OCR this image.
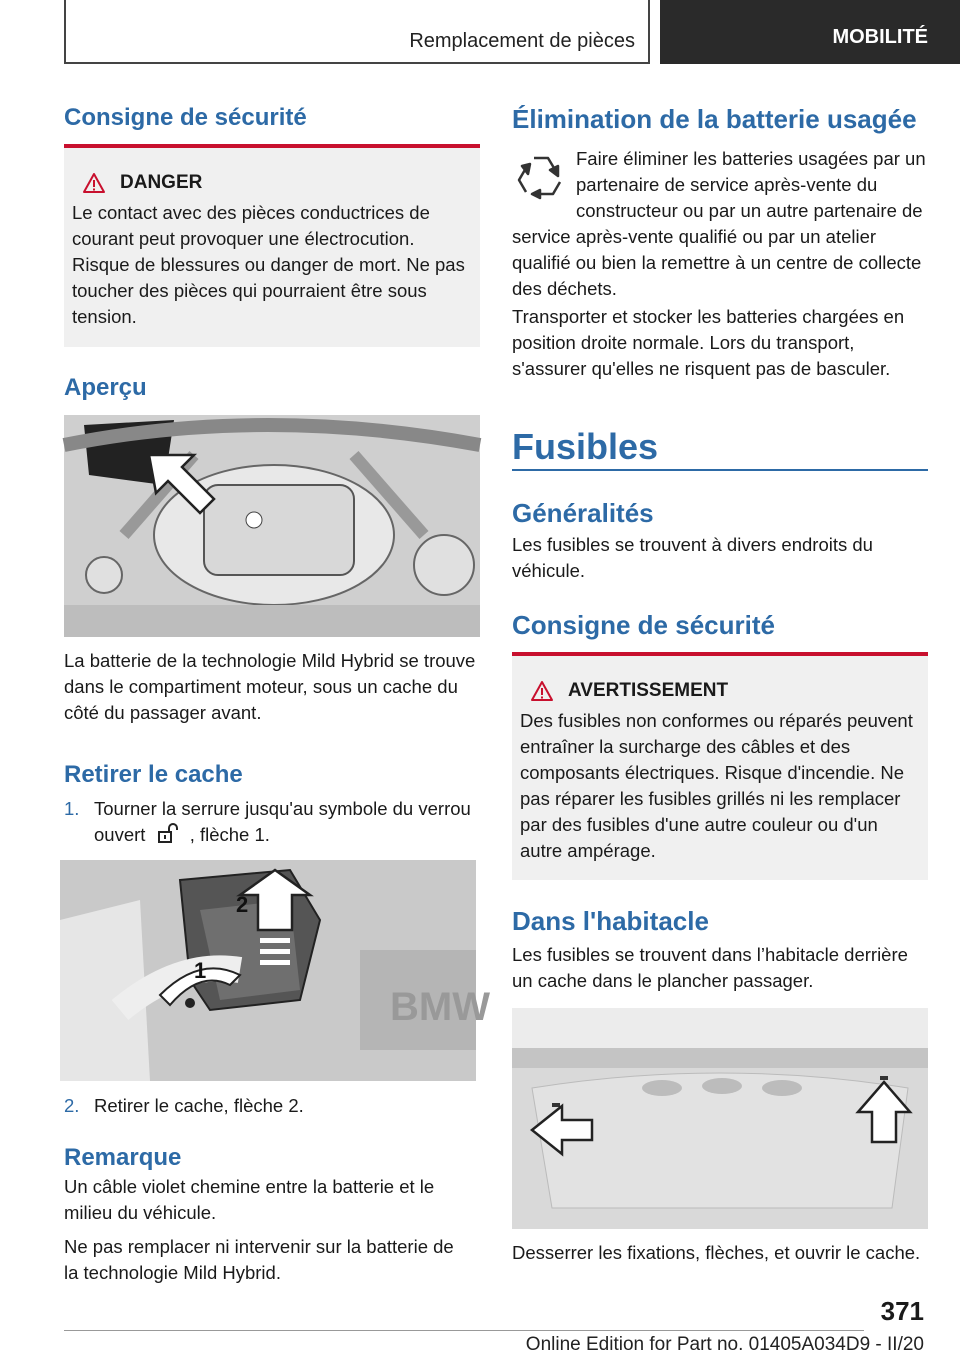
Remplacement de pièces	MOBILITÉ
Consigne de sécurité
DANGER

Le contact avec des pièces conductrices de courant peut provoquer une électrocution. Risque de blessures ou danger de mort. Ne pas toucher des pièces qui pourraient être sous tension.

Aperçu

La batterie de la technologie Mild Hybrid se trouve dans le compartiment moteur, sous un cache du côté du passager avant.

Retirer le cache

1. Tourner la serrure jusqu'au symbole du verrou ouvert , flèche 1.

BMW
2
1

2. Retirer le cache, flèche 2.

Remarque

Un câble violet chemine entre la batterie et le milieu du véhicule.

Ne pas remplacer ni intervenir sur la batterie de la technologie Mild Hybrid.

Élimination de la batterie usagée

Faire éliminer les batteries usagées par un partenaire de service après-vente du constructeur ou par un autre partenaire de service après-vente qualifié ou par un atelier qualifié ou bien la remettre à un centre de collecte des déchets.

Transporter et stocker les batteries chargées en position droite normale. Lors du transport, s'assurer qu'elles ne risquent pas de basculer.

Fusibles
Généralités

Les fusibles se trouvent à divers endroits du véhicule.

Consigne de sécurité
AVERTISSEMENT

Des fusibles non conformes ou réparés peuvent entraîner la surcharge des câbles et des composants électriques. Risque d'incendie. Ne pas réparer les fusibles grillés ni les remplacer par des fusibles d'une autre couleur ou d'un autre ampérage.

Dans l'habitacle

Les fusibles se trouvent dans l’habitacle derrière un cache dans le plancher passager.

Desserrer les fixations, flèches, et ouvrir le cache.

371
Online Edition for Part no. 01405A034D9 - II/20
